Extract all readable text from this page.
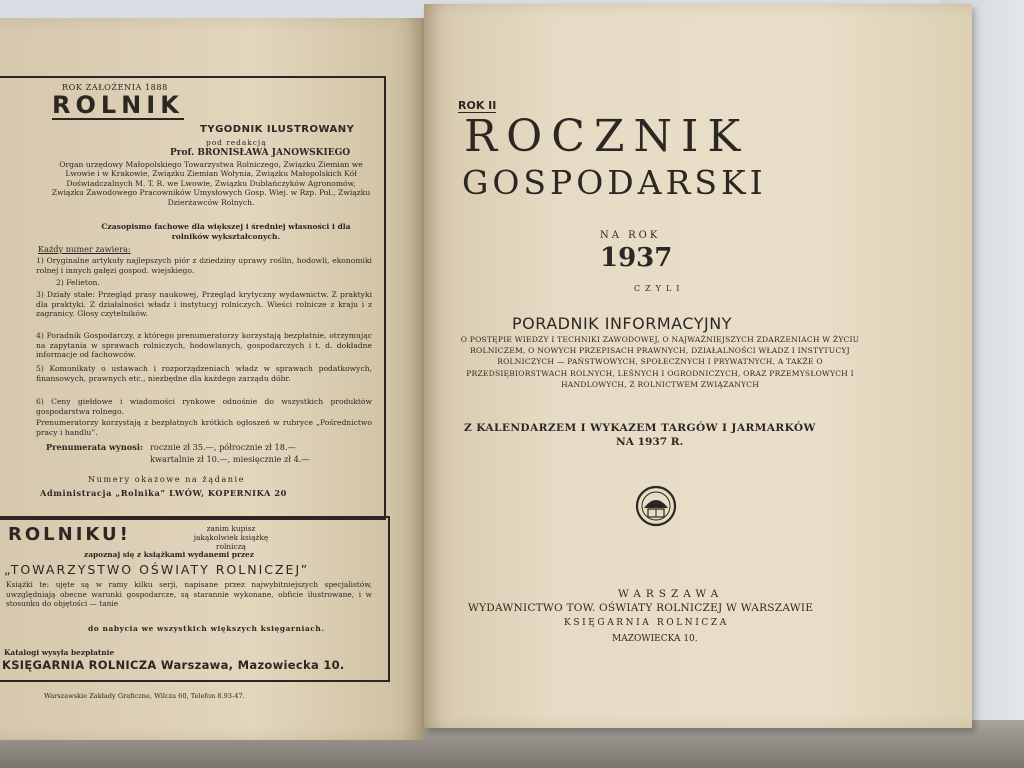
ROK ZAŁOŻENIA 1888
ROLNIK
TYGODNIK ILUSTROWANY
pod redakcją
Prof. BRONISŁAWA JANOWSKIEGO
Organ urzędowy Małopolskiego Towarzystwa Rolniczego, Związku Ziemian we Lwowie i w Krakowie, Związku Ziemian Wołynia, Związku Małopolskich Kół Doświadczalnych M. T. R. we Lwowie, Związku Dublańczyków Agronomów, Związku Zawodowego Pracowników Umysłowych Gosp. Wiej. w Rzp. Pol., Związku Dzierżawców Rolnych.
Czasopismo fachowe dla większej i średniej własności i dla rolników wykształconych.
Każdy numer zawiera:
1) Oryginalne artykuły najlepszych piór z dziedziny uprawy roślin, hodowli, ekonomiki rolnej i innych gałęzi gospod. wiejskiego.
2) Felieton.
3) Działy stałe: Przegląd prasy naukowej, Przegląd krytyczny wydawnictw. Z praktyki dla praktyki. Z działalności władz i instytucyj rolniczych. Wieści rolnicze z kraju i z zagranicy. Głosy czytelników.
4) Poradnik Gospodarczy, z którego prenumeratorzy korzystają bezpłatnie, otrzymując na zapytania w sprawach rolniczych, hodowlanych, gospodarczych i t. d. dokładne informacje od fachowców.
5) Komunikaty o ustawach i rozporządzeniach władz w sprawach podatkowych, finansowych, prawnych etc., niezbędne dla każdego zarządu dóbr.
6) Ceny giełdowe i wiadomości rynkowe odnośnie do wszystkich produktów gospodarstwa rolnego.
Prenumeratorzy korzystają z bezpłatnych krótkich ogłoszeń w rubryce „Pośrednictwo pracy i handlu”.
Prenumerata wynosi: rocznie zł 35.—, półrocznie zł 18.—
kwartalnie zł 10.—, miesięcznie zł 4.—
Numery okazowe na żądanie
Administracja „Rolnika” LWÓW, KOPERNIKA 20
ROLNIKU!	zanim kupisz jakąkolwiek książkę rolniczą
zapoznaj się z książkami wydanemi przez
„TOWARZYSTWO OŚWIATY ROLNICZEJ”
Książki te: ujęte są w ramy kilku serji, napisane przez najwybitniejszych specjalistów, uwzględniają obecne warunki gospodarcze, są starannie wykonane, obficie ilustrowane, i w stosunku do objętości — tanie
do nabycia we wszystkich większych księgarniach.
Katalogi wysyła bezpłatnie
KSIĘGARNIA ROLNICZA Warszawa, Mazowiecka 10.
Warszawskie Zakłady Graficzne, Wilcza 60, Telefon 8.93-47.
ROK II
ROCZNIK
GOSPODARSKI
NA ROK
1937
CZYLI
PORADNIK INFORMACYJNY
O POSTĘPIE WIEDZY I TECHNIKI ZAWODOWEJ, O NAJWAŻNIEJSZYCH ZDARZENIACH W ŻYCIU ROLNICZEM, O NOWYCH PRZEPISACH PRAWNYCH, DZIAŁALNOŚCI WŁADZ I INSTYTUCYJ ROLNICZYCH — PAŃSTWOWYCH, SPOŁECZNYCH I PRYWATNYCH, A TAKŻE O PRZEDSIĘBIORSTWACH ROLNYCH, LEŚNYCH I OGRODNICZYCH, ORAZ PRZEMYSŁOWYCH I HANDLOWYCH, Z ROLNICTWEM ZWIĄZANYCH
Z KALENDARZEM I WYKAZEM TARGÓW I JARMARKÓW
NA 1937 R.
WARSZAWA
WYDAWNICTWO TOW. OŚWIATY ROLNICZEJ W WARSZAWIE
KSIĘGARNIA ROLNICZA
MAZOWIECKA 10.
